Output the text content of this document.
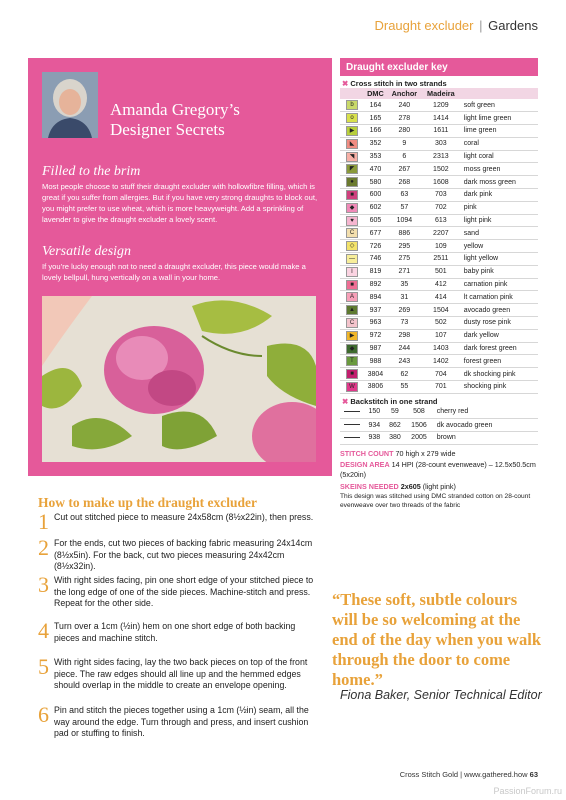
Draught excluder | Gardens
Amanda Gregory’s
Designer Secrets
Filled to the brim
Most people choose to stuff their draught excluder with hollowfibre filling, which is great if you suffer from allergies. But if you have very strong draughts to block out, you might prefer to use wheat, which is more heavyweight. Add a sprinkling of lavender to give the draught excluder a lovely scent.
Versatile design
If you’re lucky enough not to need a draught excluder, this piece would make a lovely bellpull, hung vertically on a wall in your home.
Draught excluder key
✖ Cross stitch in two strands
	DMC	Anchor	Madeira	
b	164	240	1209	soft green
o	165	278	1414	light lime green
▶	166	280	1611	lime green
◣	352	9	303	coral
◥	353	6	2313	light coral
◤	470	267	1502	moss green
●	580	268	1608	dark moss green
■	600	63	703	dark pink
◆	602	57	702	pink
♥	605	1094	613	light pink
C	677	886	2207	sand
◇	726	295	109	yellow
—	746	275	2511	light yellow
I	819	271	501	baby pink
■	892	35	412	carnation pink
A	894	31	414	lt carnation pink
▲	937	269	1504	avocado green
C	963	73	502	dusty rose pink
▶	972	298	107	dark yellow
◆	987	244	1403	dark forest green
T	988	243	1402	forest green
■	3804	62	704	dk shocking pink
W	3806	55	701	shocking pink
✖ Backstitch in one strand
	150	59	508	cherry red
	934	862	1506	dk avocado green
	938	380	2005	brown

STITCH COUNT 70 high x 279 wide

DESIGN AREA 14 HPI (28-count evenweave) – 12.5x50.5cm (5x20in)

SKEINS NEEDED 2x605 (light pink)

This design was stitched using DMC stranded cotton on 28-count evenweave over two threads of the fabric

How to make up the draught excluder
1 Cut out stitched piece to measure 24x58cm (8½x22in), then press.
2 For the ends, cut two pieces of backing fabric measuring 24x14cm (8½x5in). For the back, cut two pieces measuring 24x42cm (8½x32in).
3 With right sides facing, pin one short edge of your stitched piece to the long edge of one of the side pieces. Machine-stitch and press. Repeat for the other side.
4 Turn over a 1cm (½in) hem on one short edge of both backing pieces and machine stitch.
5 With right sides facing, lay the two back pieces on top of the front piece. The raw edges should all line up and the hemmed edges should overlap in the middle to create an envelope opening.
6 Pin and stitch the pieces together using a 1cm (½in) seam, all the way around the edge. Turn through and press, and insert cushion pad or stuffing to finish.
“These soft, subtle colours will be so welcoming at the end of the day when you walk through the door to come home.”
Fiona Baker, Senior Technical Editor
Cross Stitch Gold | www.gathered.how 63
PassionForum.ru
